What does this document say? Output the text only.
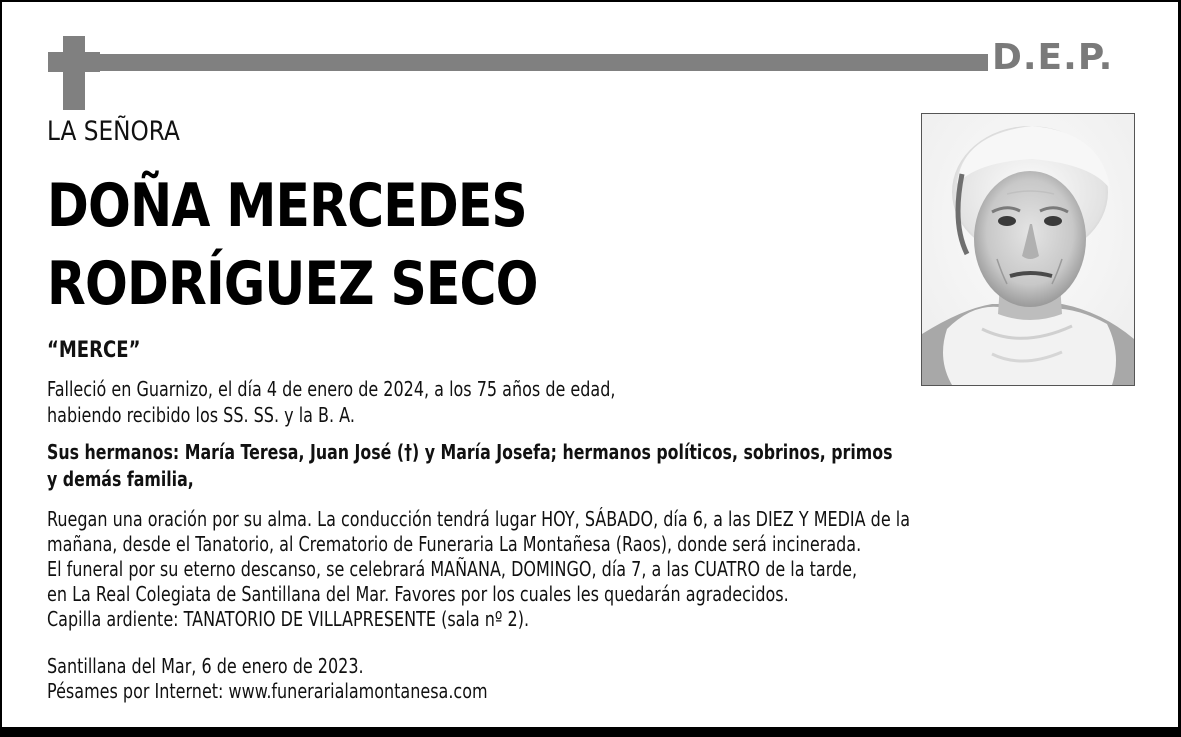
D.E.P.
LA SEÑORA
DOÑA MERCEDES
RODRÍGUEZ SECO
“MERCE”
Falleció en Guarnizo, el día 4 de enero de 2024, a los 75 años de edad,
habiendo recibido los SS. SS. y la B. A.
Sus hermanos: María Teresa, Juan José (†) y María Josefa; hermanos políticos, sobrinos, primos
y demás familia,
Ruegan una oración por su alma. La conducción tendrá lugar HOY, SÁBADO, día 6, a las DIEZ Y MEDIA de la
mañana, desde el Tanatorio, al Crematorio de Funeraria La Montañesa (Raos), donde será incinerada.
El funeral por su eterno descanso, se celebrará MAÑANA, DOMINGO, día 7, a las CUATRO de la tarde,
en La Real Colegiata de Santillana del Mar. Favores por los cuales les quedarán agradecidos.
Capilla ardiente: TANATORIO DE VILLAPRESENTE (sala nº 2).
Santillana del Mar, 6 de enero de 2023.
Pésames por Internet: www.funerarialamontanesa.com
